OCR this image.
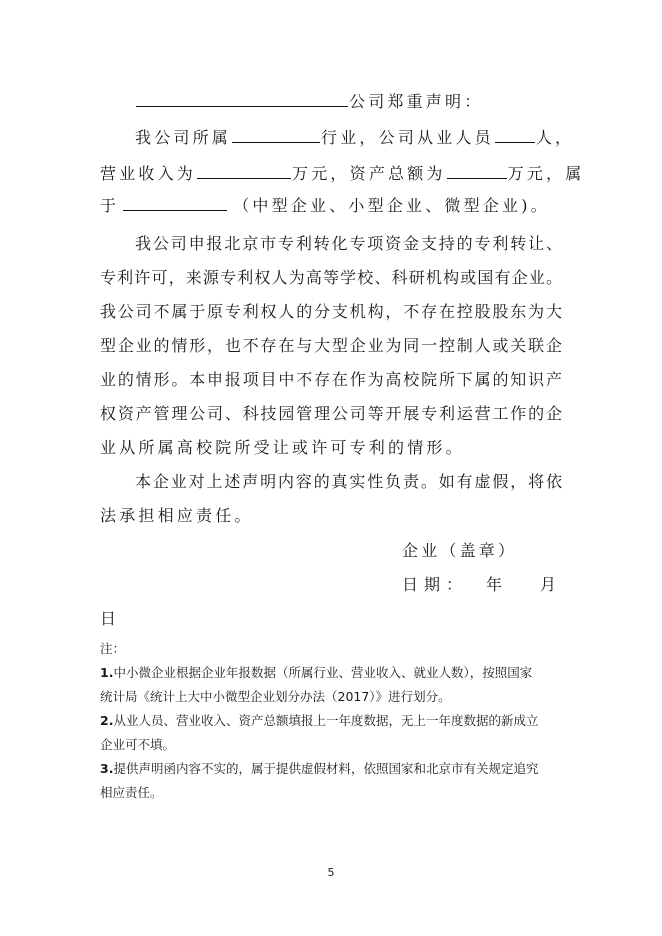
公司郑重声明：
我公司所属	行业，公司从业人员	人，
营业收入为	万元，资产总额为	万元，属
于	（中型企业、小型企业、微型企业)。
我公司申报北京市专利转化专项资金支持的专利转让、
专利许可，来源专利权人为高等学校、科研机构或国有企业。
我公司不属于原专利权人的分支机构，不存在控股股东为大
型企业的情形，也不存在与大型企业为同一控制人或关联企
业的情形。本申报项目中不存在作为高校院所下属的知识产
权资产管理公司、科技园管理公司等开展专利运营工作的企
业从所属高校院所受让或许可专利的情形。
本企业对上述声明内容的真实性负责。如有虚假，将依
法承担相应责任。
企业（盖章）
日期： 年 月
日
注：
1.中小微企业根据企业年报数据（所属行业、营业收入、就业人数），按照国家
统计局《统计上大中小微型企业划分办法（2017）》进行划分。
2.从业人员、营业收入、资产总额填报上一年度数据，无上一年度数据的新成立
企业可不填。
3.提供声明函内容不实的，属于提供虚假材料，依照国家和北京市有关规定追究
相应责任。
5
